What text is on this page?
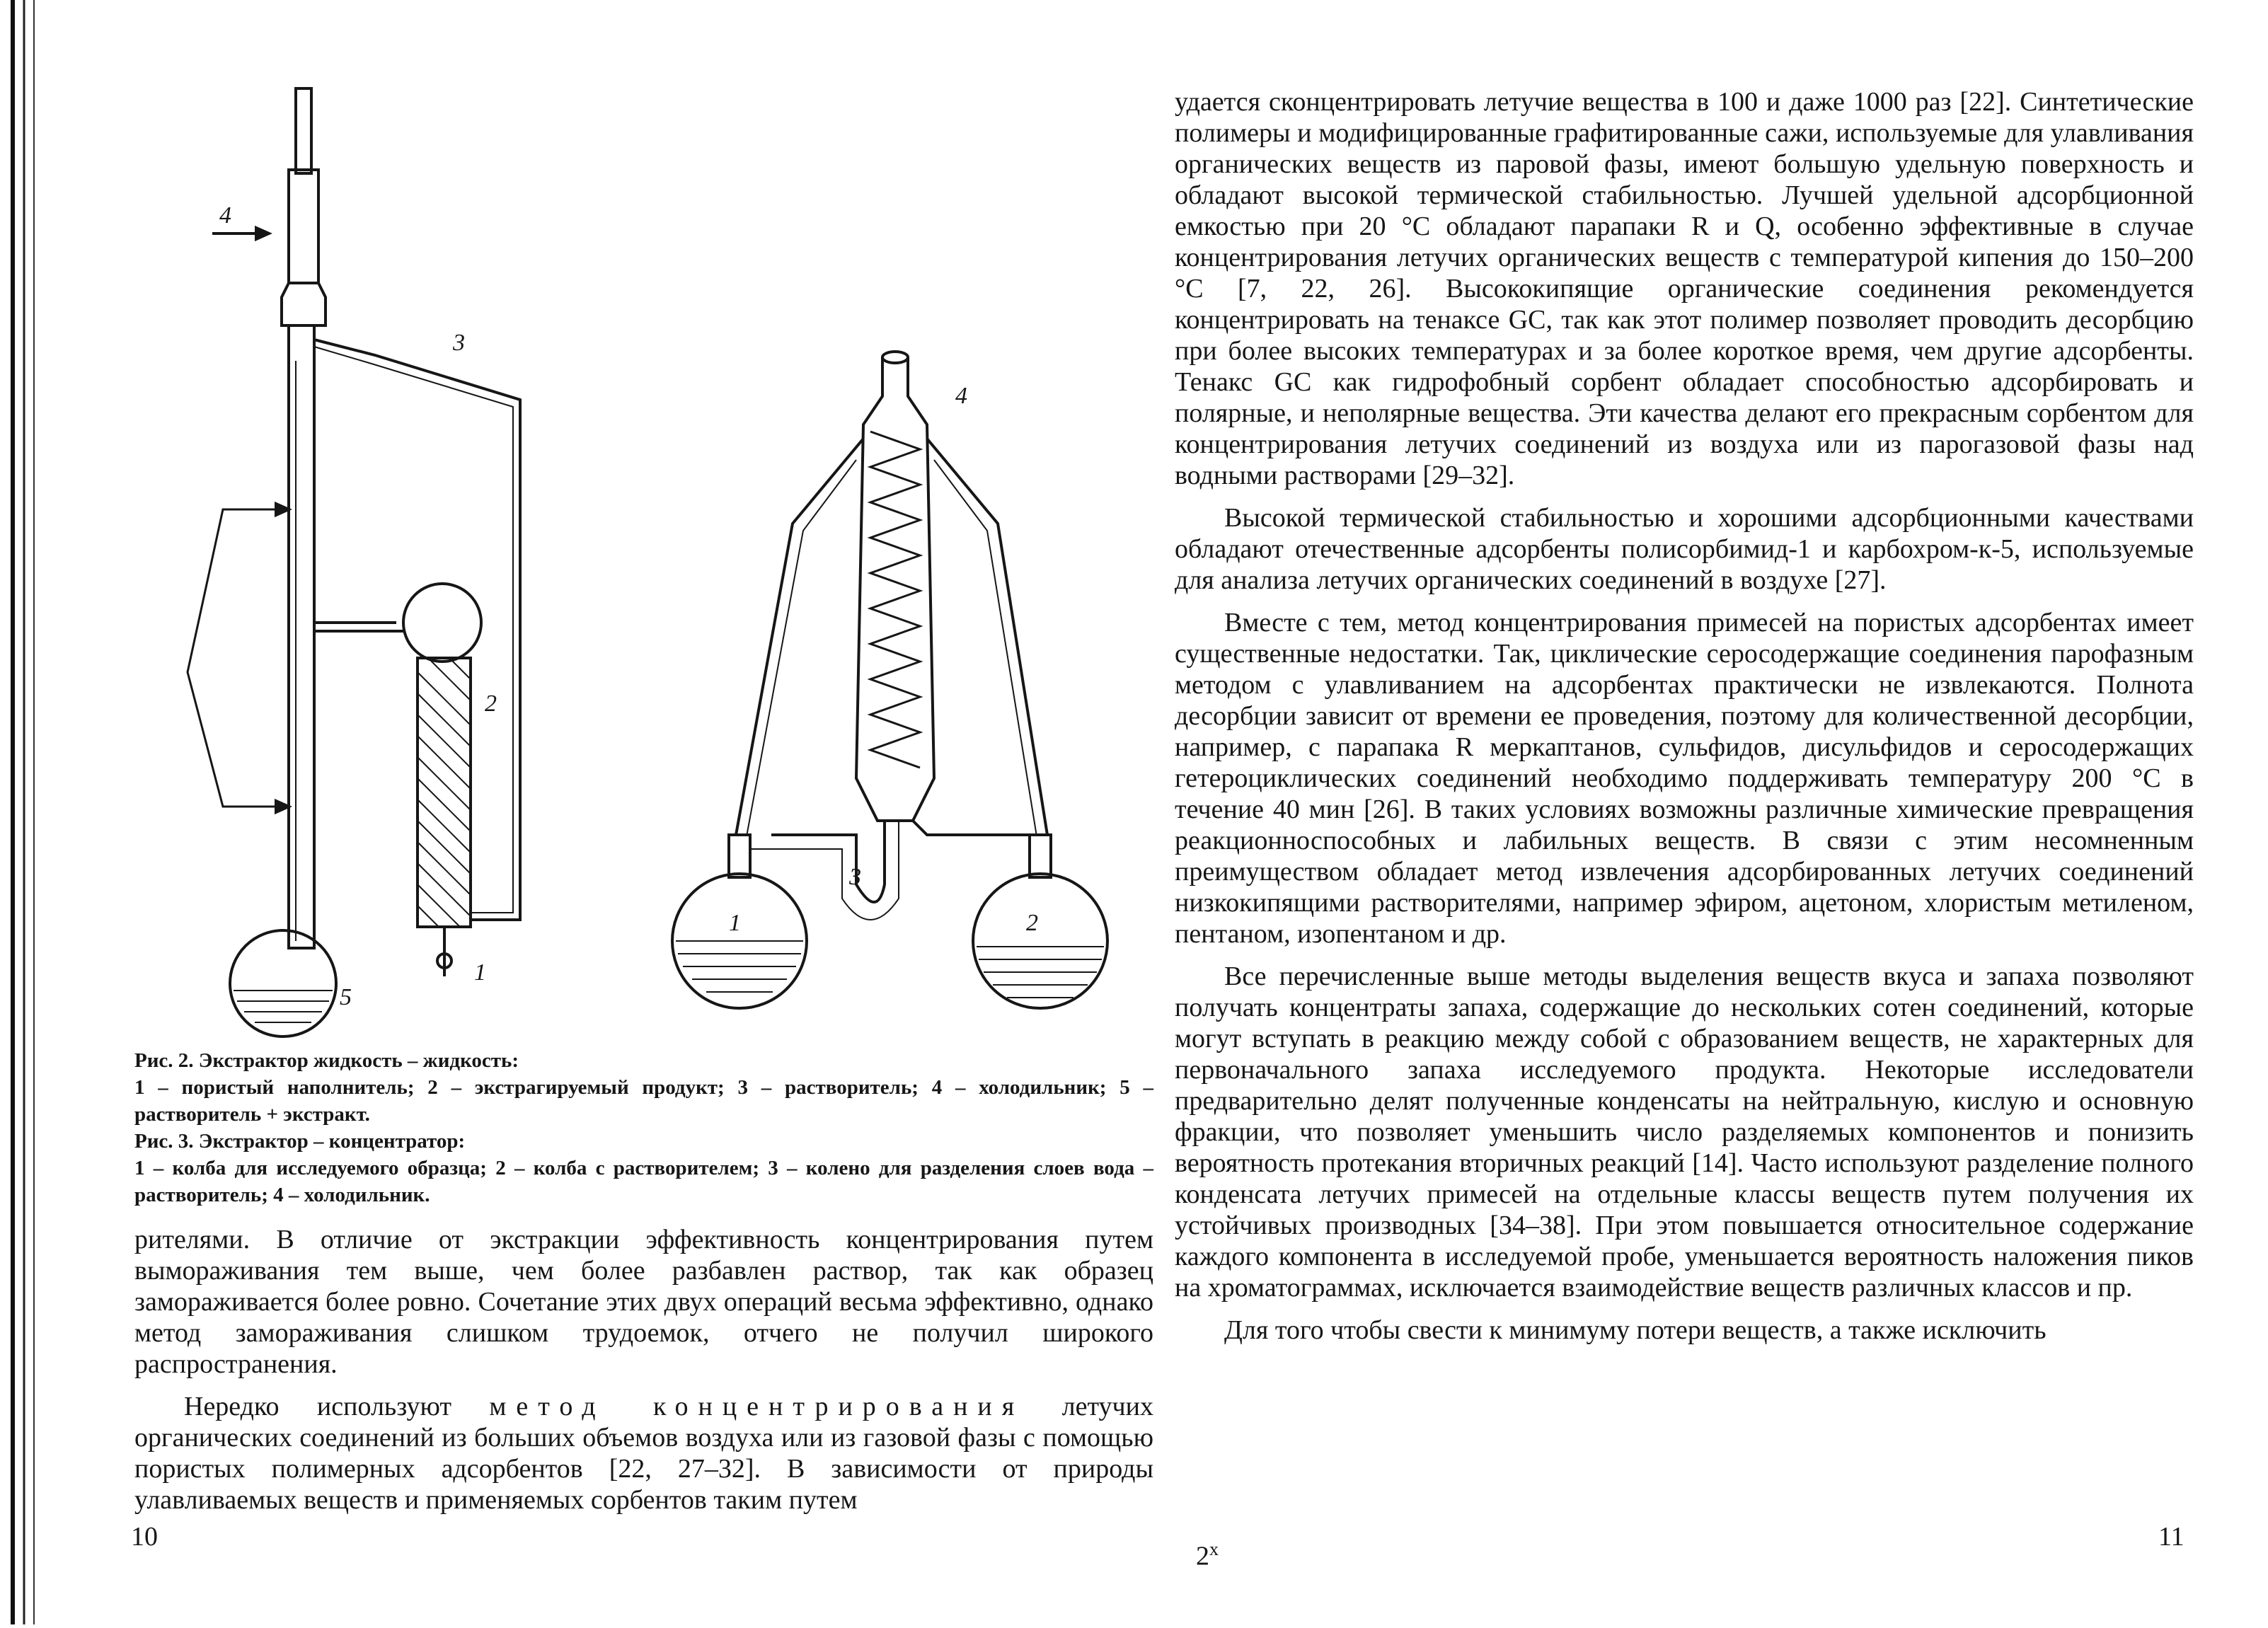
4
3
2
1
5
4
1	2
3

Рис. 2. Экстрактор жидкость – жидкость:

1 – пористый наполнитель; 2 – экстрагируемый продукт; 3 – растворитель; 4 – холодильник; 5 – растворитель + экстракт.

Рис. 3. Экстрактор – концентратор:

1 – колба для исследуемого образца; 2 – колба с растворителем; 3 – колено для разделения слоев вода – растворитель; 4 – холодильник.

рителями. В отличие от экстракции эффективность концентрирования путем вымораживания тем выше, чем более разбавлен раствор, так как образец замораживается более ровно. Сочетание этих двух операций весьма эффективно, однако метод замораживания слишком трудоемок, отчего не получил широкого распространения.

Нередко используют метод концентрирования летучих органических соединений из больших объемов воздуха или из газовой фазы с помощью пористых полимерных адсорбентов [22, 27–32]. В зависимости от природы улавливаемых веществ и применяемых сорбентов таким путем

10

удается сконцентрировать летучие вещества в 100 и даже 1000 раз [22]. Синтетические полимеры и модифицированные графитированные сажи, используемые для улавливания органических веществ из паровой фазы, имеют большую удельную поверхность и обладают высокой термической стабильностью. Лучшей удельной адсорбционной емкостью при 20 °С обладают парапаки R и Q, особенно эффективные в случае концентрирования летучих органических веществ с температурой кипения до 150–200 °С [7, 22, 26]. Высококипящие органические соединения рекомендуется концентрировать на тенаксе GC, так как этот полимер позволяет проводить десорбцию при более высоких температурах и за более короткое время, чем другие адсорбенты. Тенакс GC как гидрофобный сорбент обладает способностью адсорбировать и полярные, и неполярные вещества. Эти качества делают его прекрасным сорбентом для концентрирования летучих соединений из воздуха или из парогазовой фазы над водными растворами [29–32].

Высокой термической стабильностью и хорошими адсорбционными качествами обладают отечественные адсорбенты полисорбимид-1 и карбохром-к-5, используемые для анализа летучих органических соединений в воздухе [27].

Вместе с тем, метод концентрирования примесей на пористых адсорбентах имеет существенные недостатки. Так, циклические серосодержащие соединения парофазным методом с улавливанием на адсорбентах практически не извлекаются. Полнота десорбции зависит от времени ее проведения, поэтому для количественной десорбции, например, с парапака R меркаптанов, сульфидов, дисульфидов и серосодержащих гетероциклических соединений необходимо поддерживать температуру 200 °С в течение 40 мин [26]. В таких условиях возможны различные химические превращения реакционноспособных и лабильных веществ. В связи с этим несомненным преимуществом обладает метод извлечения адсорбированных летучих соединений низкокипящими растворителями, например эфиром, ацетоном, хлористым метиленом, пентаном, изопентаном и др.

Все перечисленные выше методы выделения веществ вкуса и запаха позволяют получать концентраты запаха, содержащие до нескольких сотен соединений, которые могут вступать в реакцию между собой с образованием веществ, не характерных для первоначального запаха исследуемого продукта. Некоторые исследователи предварительно делят полученные конденсаты на нейтральную, кислую и основную фракции, что позволяет уменьшить число разделяемых компонентов и понизить вероятность протекания вторичных реакций [14]. Часто используют разделение полного конденсата летучих примесей на отдельные классы веществ путем получения их устойчивых производных [34–38]. При этом повышается относительное содержание каждого компонента в исследуемой пробе, уменьшается вероятность наложения пиков на хроматограммах, исключается взаимодействие веществ различных классов и пр.

Для того чтобы свести к минимуму потери веществ, а также исключить

2$^x$	11
